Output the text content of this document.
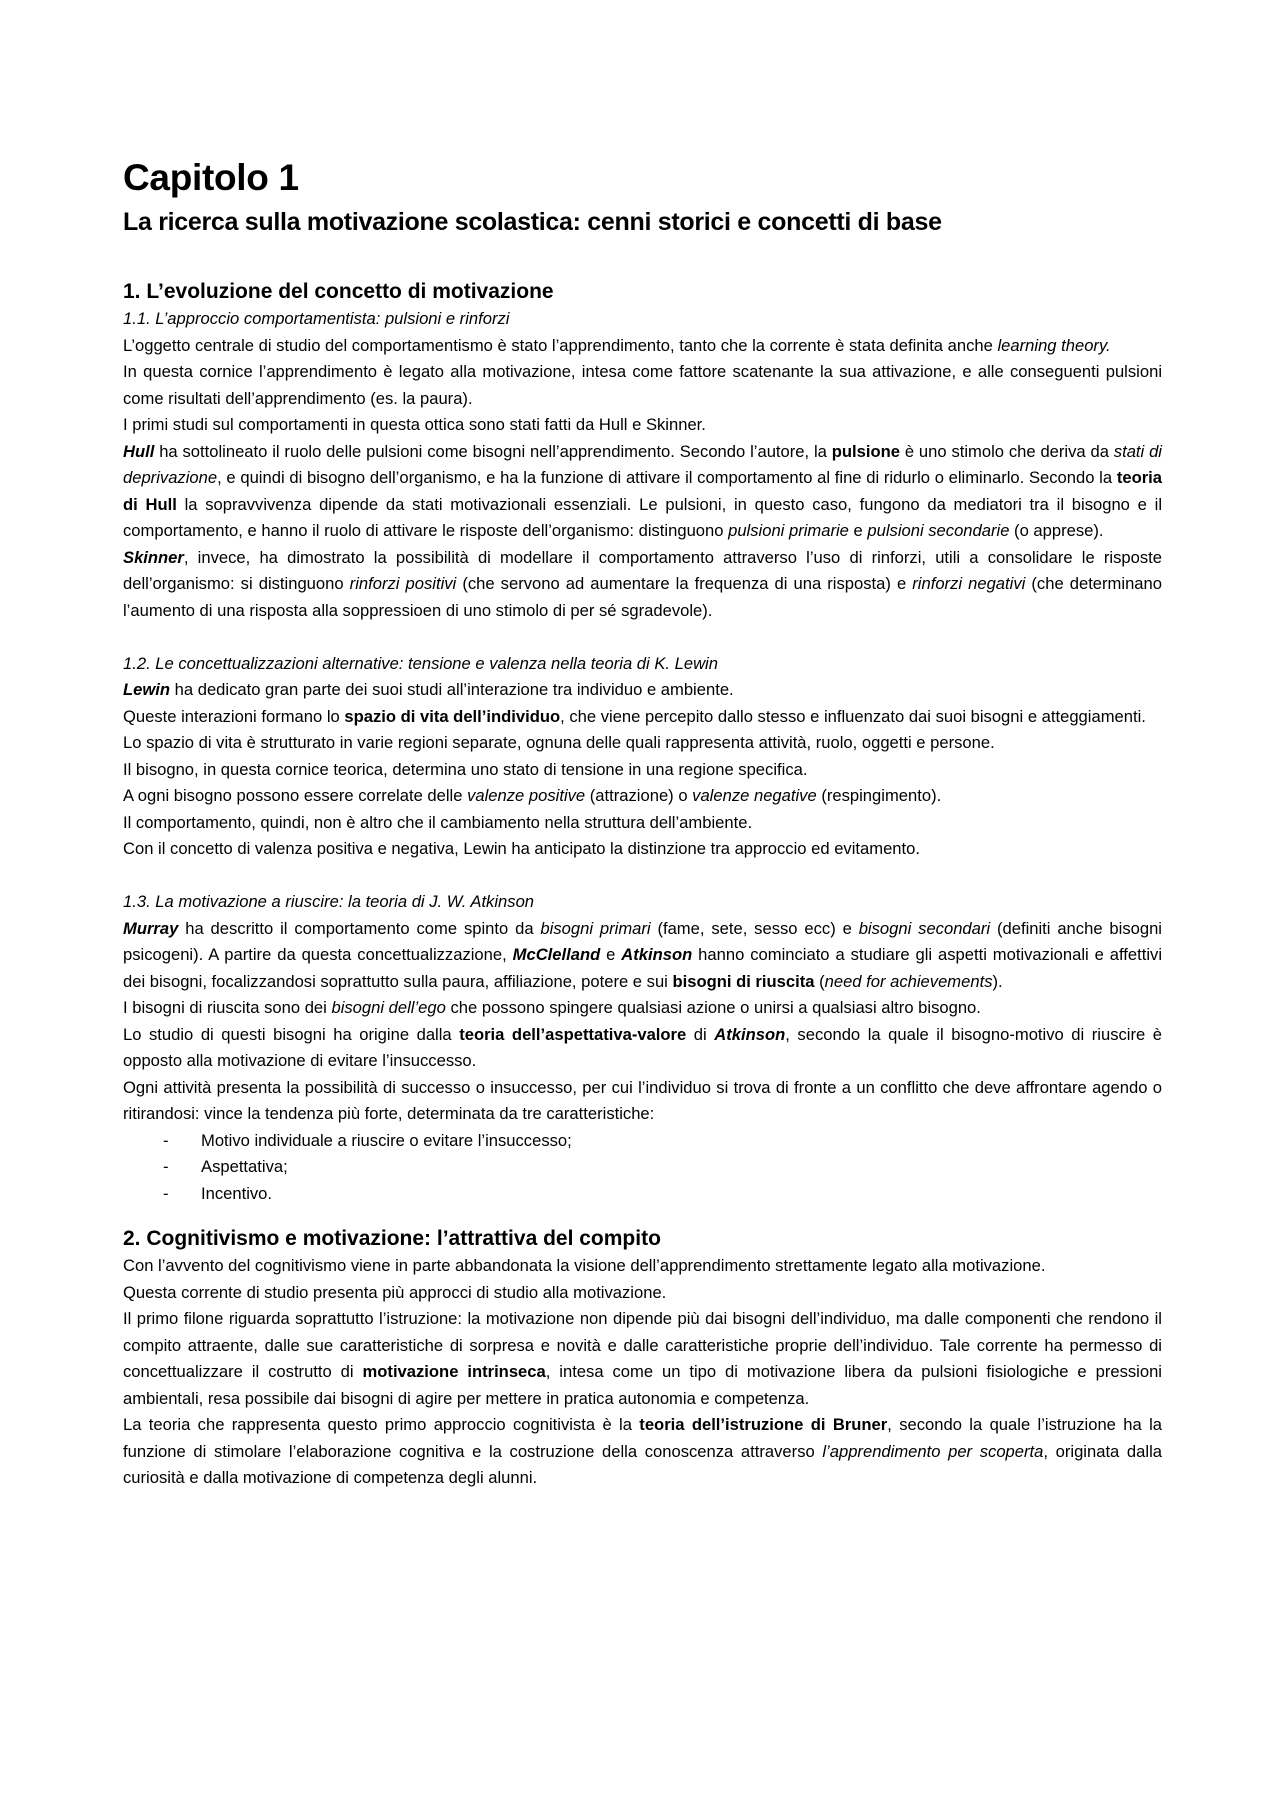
Capitolo 1
La ricerca sulla motivazione scolastica: cenni storici e concetti di base
1. L’evoluzione del concetto di motivazione
1.1. L’approccio comportamentista: pulsioni e rinforzi

L’oggetto centrale di studio del comportamentismo è stato l’apprendimento, tanto che la corrente è stata definita anche learning theory.

In questa cornice l’apprendimento è legato alla motivazione, intesa come fattore scatenante la sua attivazione, e alle conseguenti pulsioni come risultati dell’apprendimento (es. la paura).

I primi studi sul comportamenti in questa ottica sono stati fatti da Hull e Skinner.

Hull ha sottolineato il ruolo delle pulsioni come bisogni nell’apprendimento. Secondo l’autore, la pulsione è uno stimolo che deriva da stati di deprivazione, e quindi di bisogno dell’organismo, e ha la funzione di attivare il comportamento al fine di ridurlo o eliminarlo. Secondo la teoria di Hull la sopravvivenza dipende da stati motivazionali essenziali. Le pulsioni, in questo caso, fungono da mediatori tra il bisogno e il comportamento, e hanno il ruolo di attivare le risposte dell’organismo: distinguono pulsioni primarie e pulsioni secondarie (o apprese).

Skinner, invece, ha dimostrato la possibilità di modellare il comportamento attraverso l’uso di rinforzi, utili a consolidare le risposte dell’organismo: si distinguono rinforzi positivi (che servono ad aumentare la frequenza di una risposta) e rinforzi negativi (che determinano l’aumento di una risposta alla soppressioen di uno stimolo di per sé sgradevole).

1.2. Le concettualizzazioni alternative: tensione e valenza nella teoria di K. Lewin

Lewin ha dedicato gran parte dei suoi studi all’interazione tra individuo e ambiente.

Queste interazioni formano lo spazio di vita dell’individuo, che viene percepito dallo stesso e influenzato dai suoi bisogni e atteggiamenti.

Lo spazio di vita è strutturato in varie regioni separate, ognuna delle quali rappresenta attività, ruolo, oggetti e persone.

Il bisogno, in questa cornice teorica, determina uno stato di tensione in una regione specifica.

A ogni bisogno possono essere correlate delle valenze positive (attrazione) o valenze negative (respingimento).

Il comportamento, quindi, non è altro che il cambiamento nella struttura dell’ambiente.

Con il concetto di valenza positiva e negativa, Lewin ha anticipato la distinzione tra approccio ed evitamento.

1.3. La motivazione a riuscire: la teoria di J. W. Atkinson

Murray ha descritto il comportamento come spinto da bisogni primari (fame, sete, sesso ecc) e bisogni secondari (definiti anche bisogni psicogeni). A partire da questa concettualizzazione, McClelland e Atkinson hanno cominciato a studiare gli aspetti motivazionali e affettivi dei bisogni, focalizzandosi soprattutto sulla paura, affiliazione, potere e sui bisogni di riuscita (need for achievements).

I bisogni di riuscita sono dei bisogni dell’ego che possono spingere qualsiasi azione o unirsi a qualsiasi altro bisogno.

Lo studio di questi bisogni ha origine dalla teoria dell’aspettativa-valore di Atkinson, secondo la quale il bisogno-motivo di riuscire è opposto alla motivazione di evitare l’insuccesso.

Ogni attività presenta la possibilità di successo o insuccesso, per cui l’individuo si trova di fronte a un conflitto che deve affrontare agendo o ritirandosi: vince la tendenza più forte, determinata da tre caratteristiche:

- Motivo individuale a riuscire o evitare l’insuccesso;
- Aspettativa;
- Incentivo.
2. Cognitivismo e motivazione: l’attrattiva del compito

Con l’avvento del cognitivismo viene in parte abbandonata la visione dell’apprendimento strettamente legato alla motivazione.

Questa corrente di studio presenta più approcci di studio alla motivazione.

Il primo filone riguarda soprattutto l’istruzione: la motivazione non dipende più dai bisogni dell’individuo, ma dalle componenti che rendono il compito attraente, dalle sue caratteristiche di sorpresa e novità e dalle caratteristiche proprie dell’individuo. Tale corrente ha permesso di concettualizzare il costrutto di motivazione intrinseca, intesa come un tipo di motivazione libera da pulsioni fisiologiche e pressioni ambientali, resa possibile dai bisogni di agire per mettere in pratica autonomia e competenza.

La teoria che rappresenta questo primo approccio cognitivista è la teoria dell’istruzione di Bruner, secondo la quale l’istruzione ha la funzione di stimolare l’elaborazione cognitiva e la costruzione della conoscenza attraverso l’apprendimento per scoperta, originata dalla curiosità e dalla motivazione di competenza degli alunni.
